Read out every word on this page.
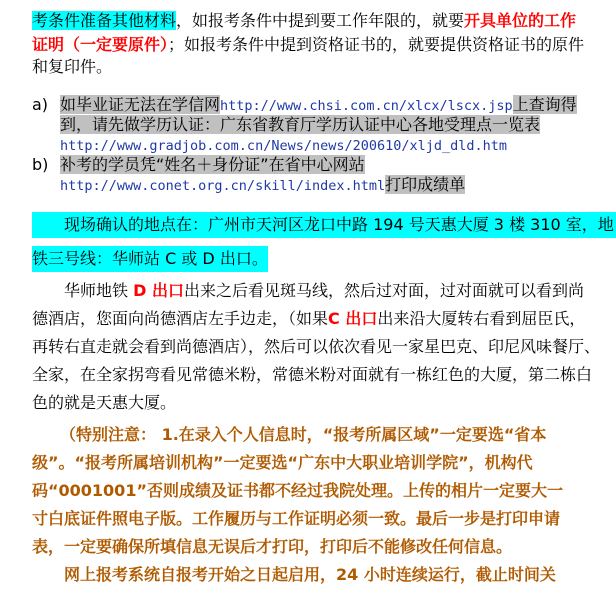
考条件准备其他材料，如报考条件中提到要工作年限的，就要开具单位的工作
证明（一定要原件）；如报考条件中提到资格证书的，就要提供资格证书的原件
和复印件。
a) 如毕业证无法在学信网http://www.chsi.com.cn/xlcx/lscx.jsp上查询得
到，请先做学历认证：广东省教育厅学历认证中心各地受理点一览表
http://www.gradjob.com.cn/News/news/200610/xljd_dld.htm
b) 补考的学员凭“姓名＋身份证”在省中心网站
http://www.conet.org.cn/skill/index.html打印成绩单
现场确认的地点在：广州市天河区龙口中路 194 号天惠大厦 3 楼 310 室，地
铁三号线：华师站 C 或 D 出口。
华师地铁 D 出口出来之后看见斑马线，然后过对面，过对面就可以看到尚
德酒店，您面向尚德酒店左手边走，（如果C 出口出来沿大厦转右看到屈臣氏，
再转右直走就会看到尚德酒店），然后可以依次看见一家星巴克、印尼风味餐厅、
全家，在全家拐弯看见常德米粉，常德米粉对面就有一栋红色的大厦，第二栋白
色的就是天惠大厦。
（特别注意： 1.在录入个人信息时，“报考所属区域”一定要选“省本
级”。“报考所属培训机构”一定要选“广东中大职业培训学院”，机构代
码“0001001”否则成绩及证书都不经过我院处理。上传的相片一定要大一
寸白底证件照电子版。工作履历与工作证明必须一致。最后一步是打印申请
表，一定要确保所填信息无误后才打印，打印后不能修改任何信息。
网上报考系统自报考开始之日起启用，24 小时连续运行，截止时间关
